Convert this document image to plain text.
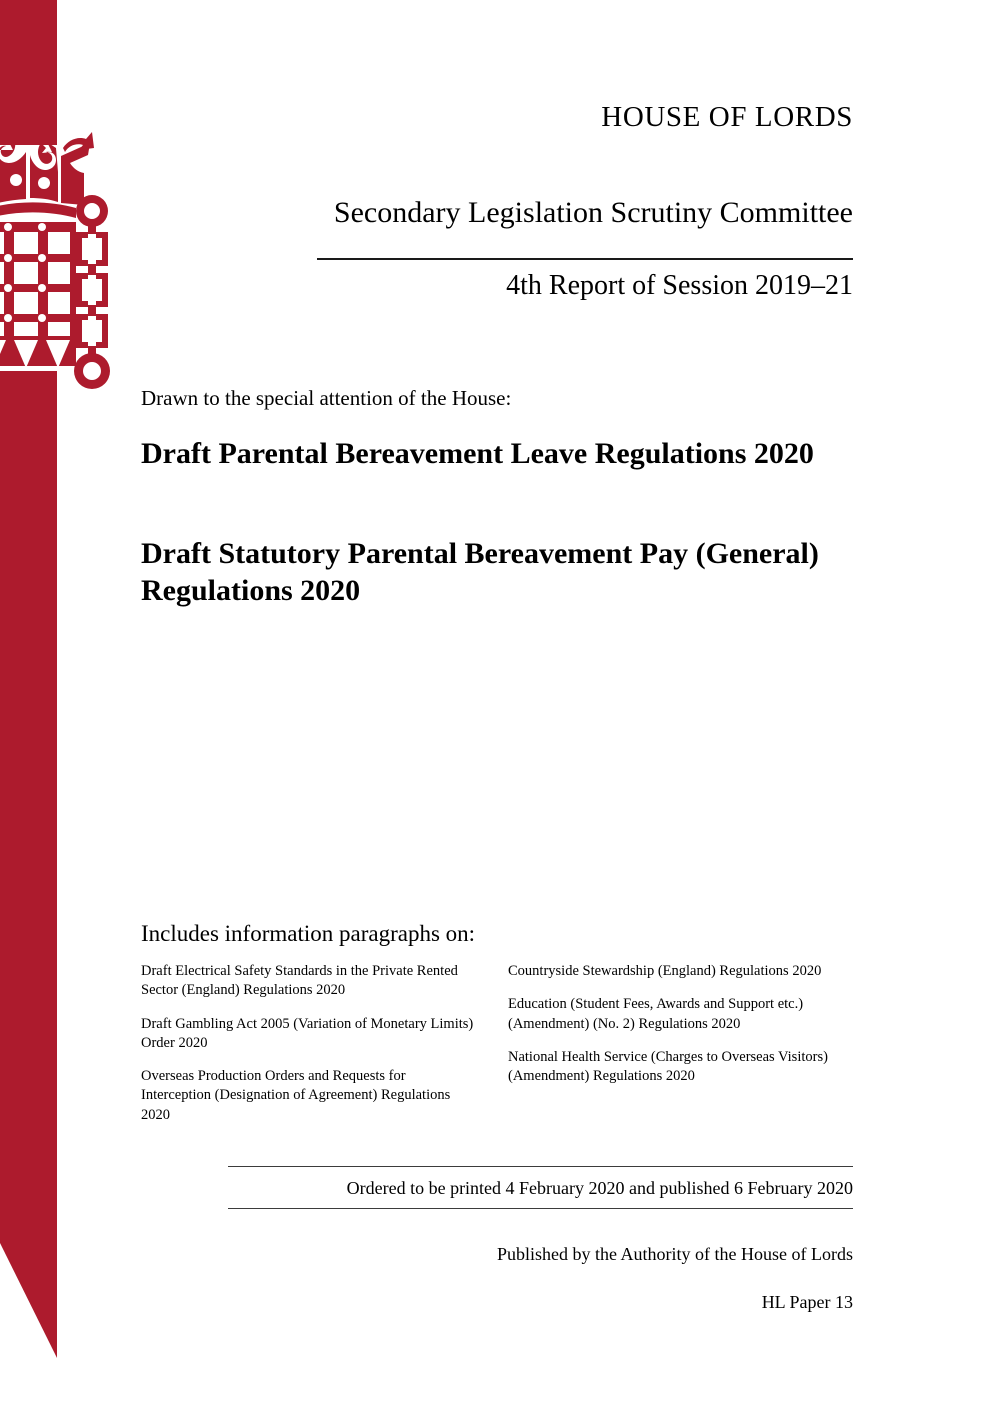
HOUSE OF LORDS
Secondary Legislation Scrutiny Committee
4th Report of Session 2019–21
Drawn to the special attention of the House:
Draft Parental Bereavement Leave Regulations 2020
Draft Statutory Parental Bereavement Pay (General) Regulations 2020
Includes information paragraphs on:
Draft Electrical Safety Standards in the Private Rented Sector (England) Regulations 2020
Draft Gambling Act 2005 (Variation of Monetary Limits) Order 2020
Overseas Production Orders and Requests for Interception (Designation of Agreement) Regulations 2020
Countryside Stewardship (England) Regulations 2020
Education (Student Fees, Awards and Support etc.) (Amendment) (No. 2) Regulations 2020
National Health Service (Charges to Overseas Visitors) (Amendment) Regulations 2020
Ordered to be printed 4 February 2020 and published 6 February 2020
Published by the Authority of the House of Lords
HL Paper 13
